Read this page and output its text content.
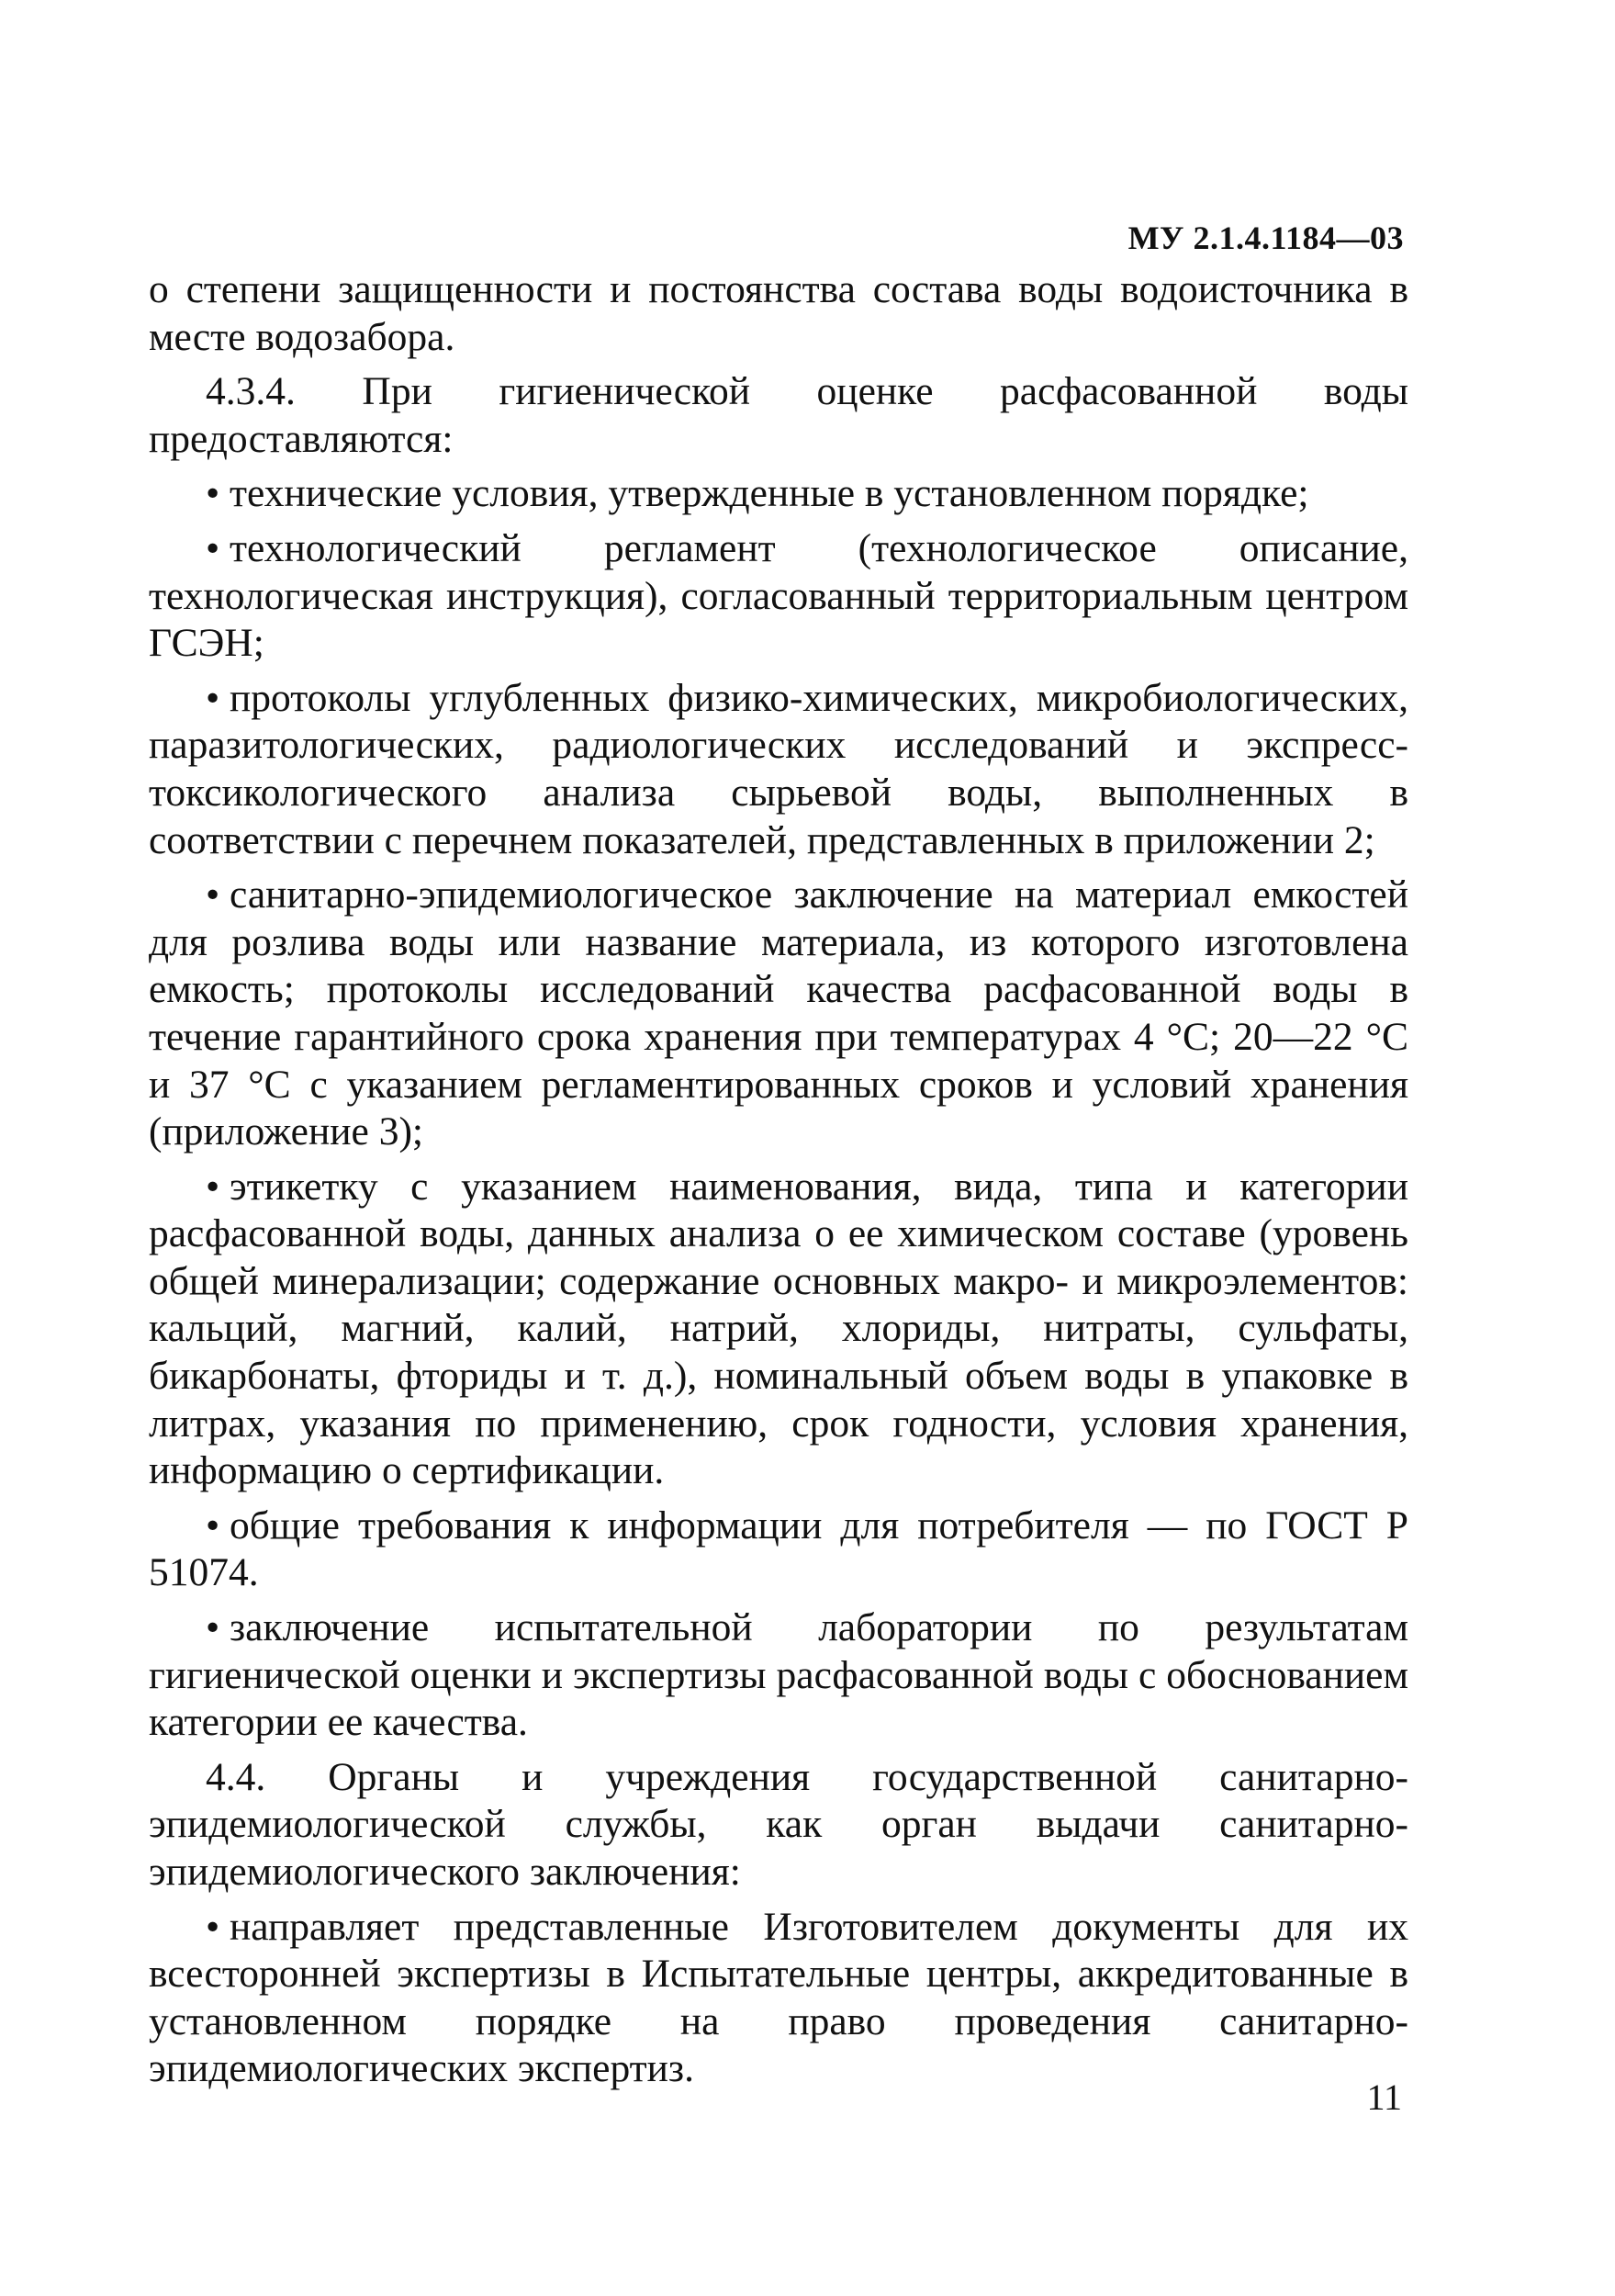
МУ 2.1.4.1184—03

о степени защищенности и постоянства состава воды водоисточника в месте водозабора.

4.3.4. При гигиенической оценке расфасованной воды предоставляются:

• технические условия, утвержденные в установленном порядке;

• технологический регламент (технологическое описание, технологическая инструкция), согласованный территориальным центром ГСЭН;

• протоколы углубленных физико-химических, микробиологических, паразитологических, радиологических исследований и экспресс-токсикологического анализа сырьевой воды, выполненных в соответствии с перечнем показателей, представленных в приложении 2;

• санитарно-эпидемиологическое заключение на материал емкостей для розлива воды или название материала, из которого изготовлена емкость; протоколы исследований качества расфасованной воды в течение гарантийного срока хранения при температурах 4 °С; 20—22 °С и 37 °С с указанием регламентированных сроков и условий хранения (приложение 3);

• этикетку с указанием наименования, вида, типа и категории расфасованной воды, данных анализа о ее химическом составе (уровень общей минерализации; содержание основных макро- и микроэлементов: кальций, магний, калий, натрий, хлориды, нитраты, сульфаты, бикарбонаты, фториды и т. д.), номинальный объем воды в упаковке в литрах, указания по применению, срок годности, условия хранения, информацию о сертификации.

• общие требования к информации для потребителя — по ГОСТ Р 51074.

• заключение испытательной лаборатории по результатам гигиенической оценки и экспертизы расфасованной воды с обоснованием категории ее качества.

4.4. Органы и учреждения государственной санитарно-эпидемиологической службы, как орган выдачи санитарно-эпидемиологического заключения:

• направляет представленные Изготовителем документы для их всесторонней экспертизы в Испытательные центры, аккредитованные в установленном порядке на право проведения санитарно-эпидемиологических экспертиз.

11
